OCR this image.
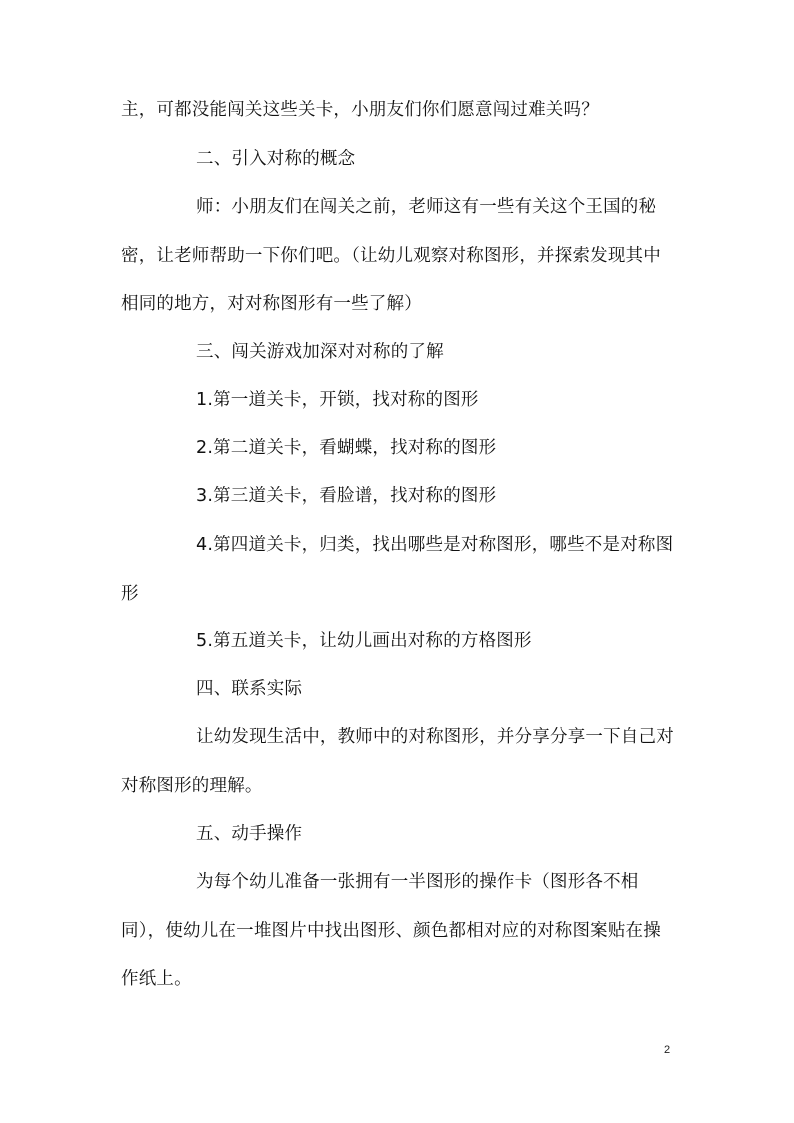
主，可都没能闯关这些关卡，小朋友们你们愿意闯过难关吗？

二、引入对称的概念

师：小朋友们在闯关之前，老师这有一些有关这个王国的秘密，让老师帮助一下你们吧。（让幼儿观察对称图形，并探索发现其中相同的地方，对对称图形有一些了解）

三、闯关游戏加深对对称的了解

1.第一道关卡，开锁，找对称的图形

2.第二道关卡，看蝴蝶，找对称的图形

3.第三道关卡，看脸谱，找对称的图形

4.第四道关卡，归类，找出哪些是对称图形，哪些不是对称图形

5.第五道关卡，让幼儿画出对称的方格图形

四、联系实际

让幼发现生活中，教师中的对称图形，并分享分享一下自己对对称图形的理解。

五、动手操作

为每个幼儿准备一张拥有一半图形的操作卡（图形各不相同），使幼儿在一堆图片中找出图形、颜色都相对应的对称图案贴在操作纸上。

2
